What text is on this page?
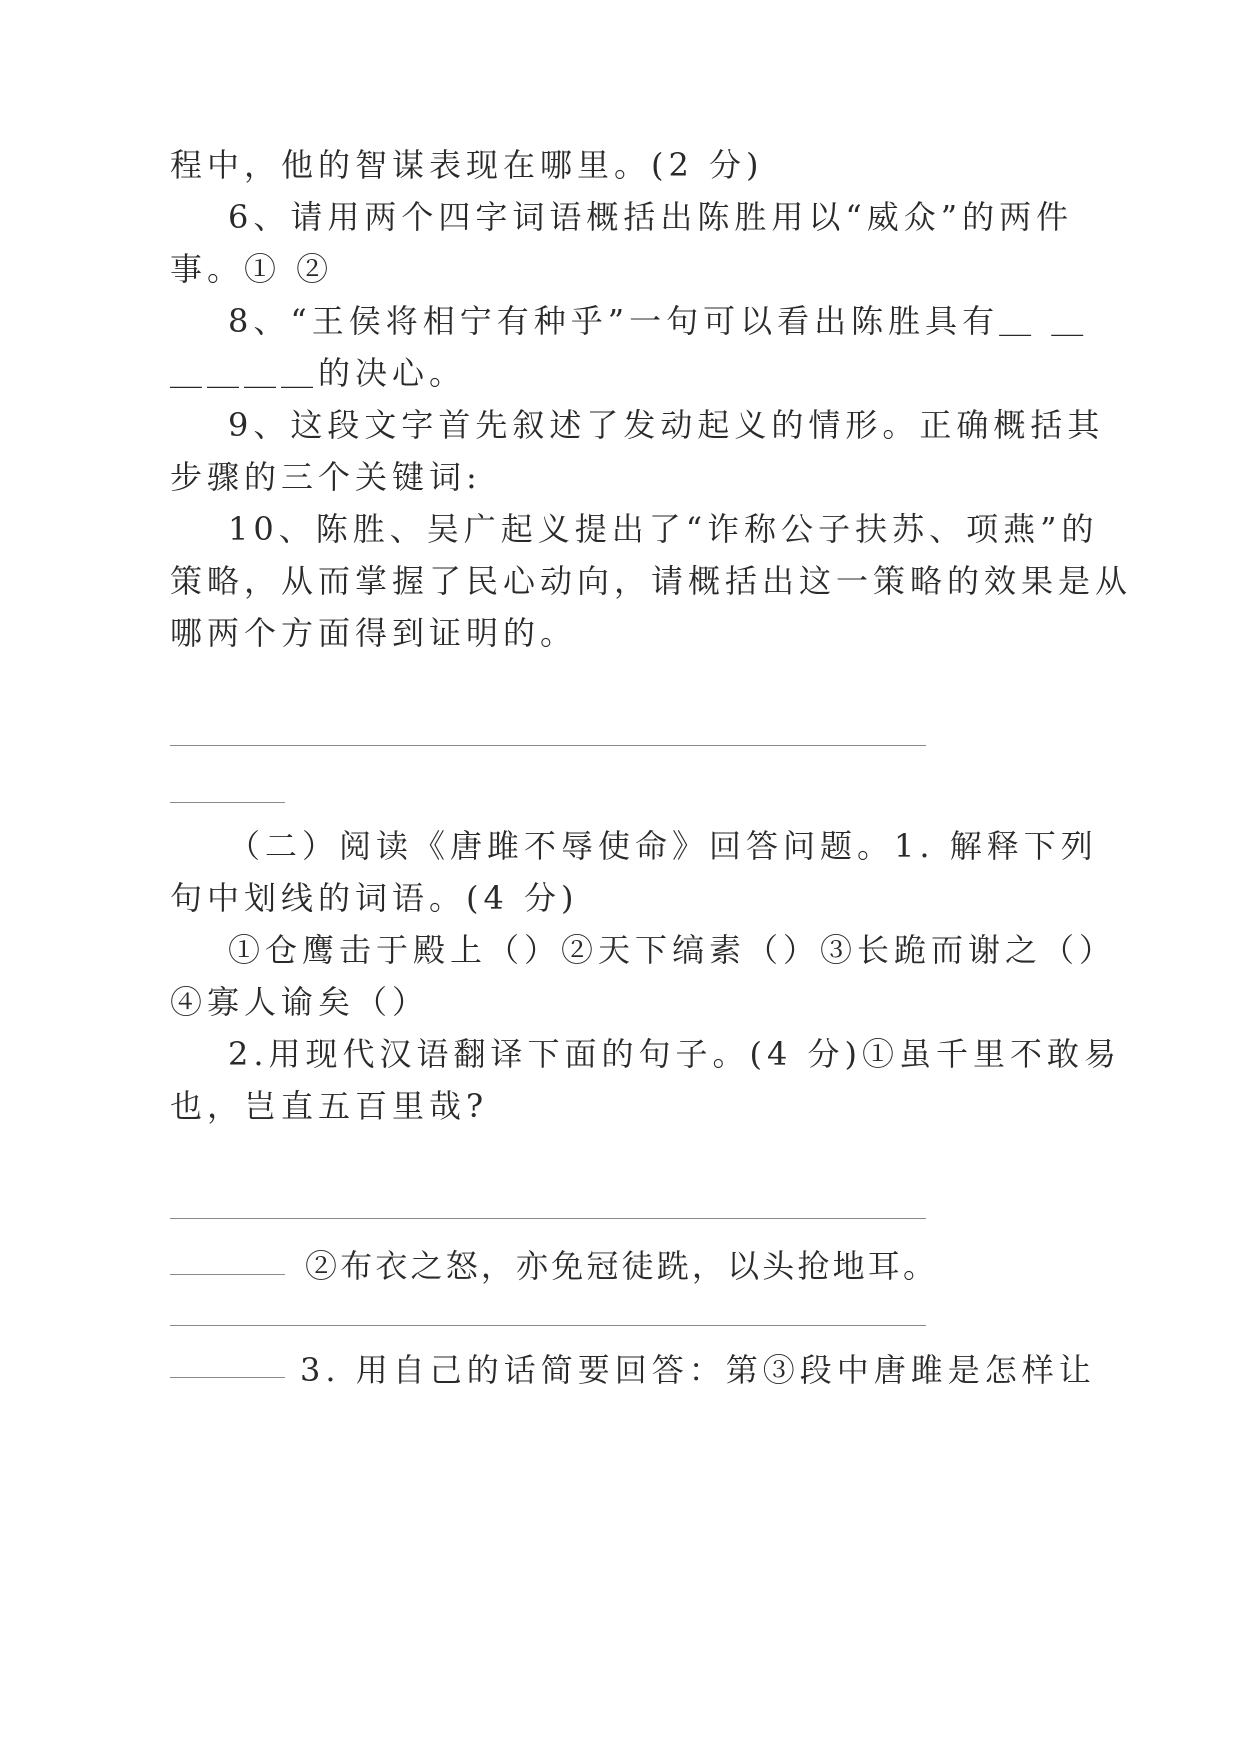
程中，他的智谋表现在哪里。(2 分)
6、请用两个四字词语概括出陈胜用以“威众”的两件
事。① ②
8、“王侯将相宁有种乎”一句可以看出陈胜具有＿ ＿
＿＿＿＿的决心。
9、这段文字首先叙述了发动起义的情形。正确概括其
步骤的三个关键词:
10、陈胜、吴广起义提出了“诈称公子扶苏、项燕”的
策略，从而掌握了民心动向，请概括出这一策略的效果是从
哪两个方面得到证明的。
（二）阅读《唐雎不辱使命》回答问题。1. 解释下列
句中划线的词语。(4 分)
①仓鹰击于殿上（）②天下缟素（）③长跪而谢之（）
④寡人谕矣（）
2.用现代汉语翻译下面的句子。(4 分)①虽千里不敢易
也，岂直五百里哉?
②布衣之怒，亦免冠徒跣，以头抢地耳。
3. 用自己的话简要回答：第③段中唐雎是怎样让
